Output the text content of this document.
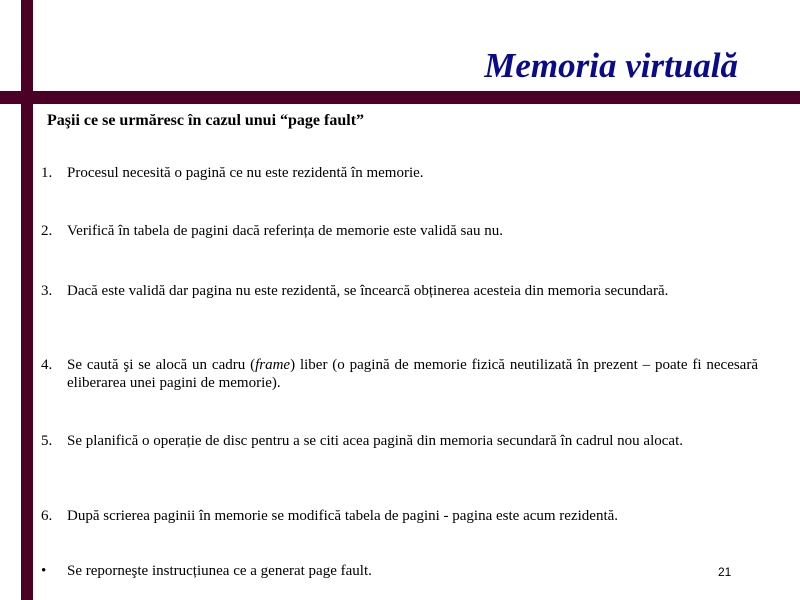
Memoria virtuală
Paşii ce se urmăresc în cazul unui “page fault”
1. Procesul necesită o pagină ce nu este rezidentă în memorie.
2. Verifică în tabela de pagini dacă referința de memorie este validă sau nu.
3. Dacă este validă dar pagina nu este rezidentă, se încearcă obținerea acesteia din memoria secundară.
4. Se caută şi se alocă un cadru (frame) liber (o pagină de memorie fizică neutilizată în prezent – poate fi necesară eliberarea unei pagini de memorie).
5. Se planifică o operație de disc pentru a se citi acea pagină din memoria secundară în cadrul nou alocat.
6. După scrierea paginii în memorie se modifică tabela de pagini - pagina este acum rezidentă.
• Se reporneşte instrucțiunea ce a generat page fault.	21
